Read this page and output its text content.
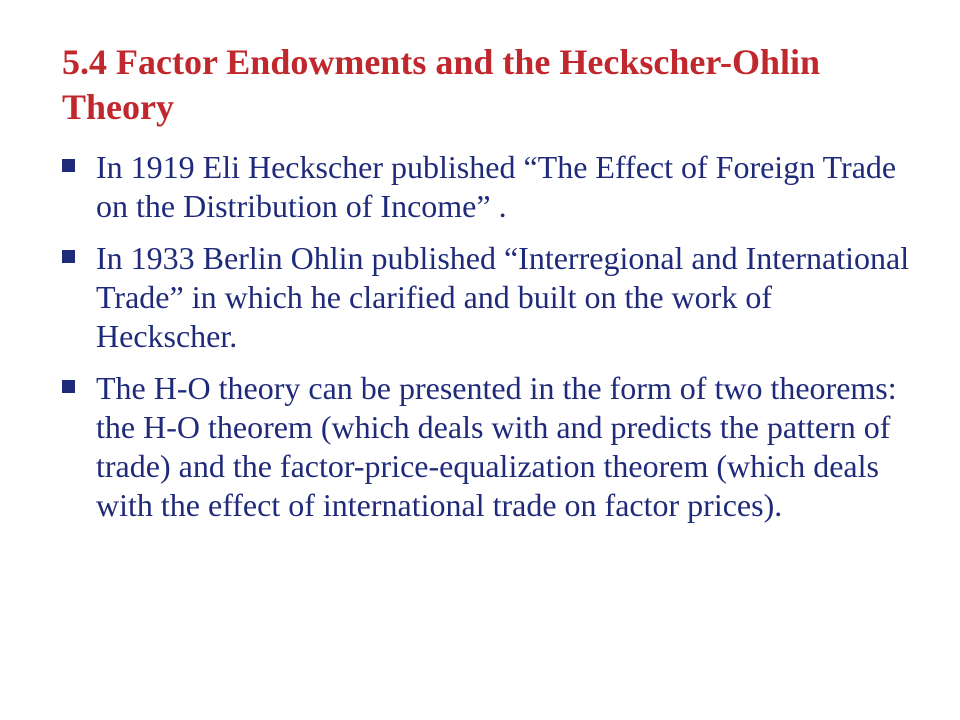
5.4 Factor Endowments and the Heckscher-Ohlin Theory
In 1919 Eli Heckscher published “The Effect of Foreign Trade on the Distribution of Income” .
In 1933 Berlin Ohlin published “Interregional and International Trade” in which he clarified and built on the work of Heckscher.
The H-O theory can be presented in the form of two theorems: the H-O theorem (which deals with and predicts the pattern of trade) and the factor-price-equalization theorem (which deals with the effect of international trade on factor prices).
